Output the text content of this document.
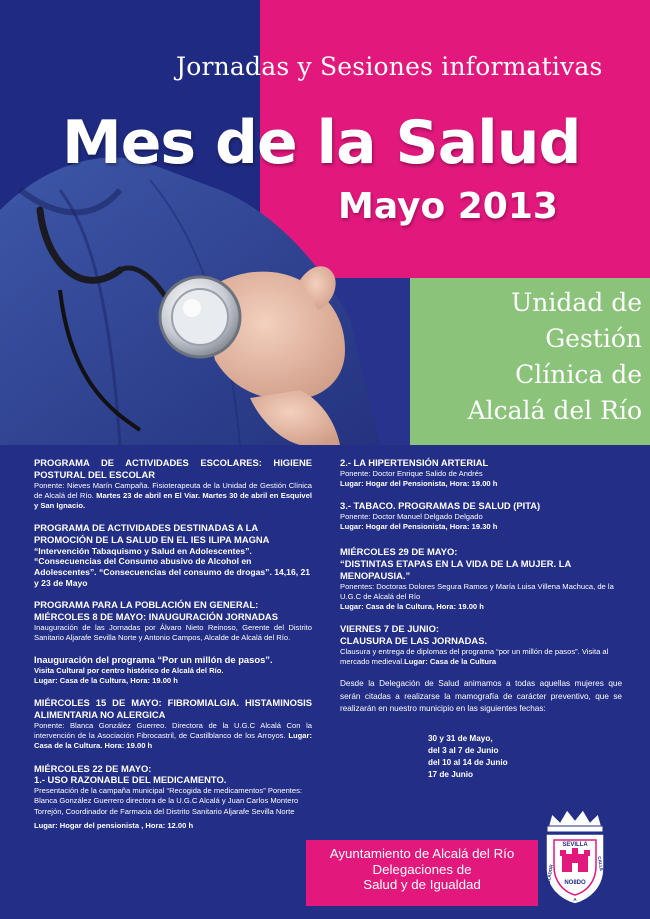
Jornadas y Sesiones informativas
Mes de la Salud
Mayo 2013
Unidad de
Gestión
Clínica de
Alcalá del Río
PROGRAMA DE ACTIVIDADES ESCOLARES: HIGIENE POSTURAL DEL ESCOLAR
Ponente: Nieves Marín Campaña. Fisioterapeuta de la Unidad de Gestión Clínica de Alcalá del Río. Martes 23 de abril en El Viar. Martes 30 de abril en Esquivel y San Ignacio.
PROGRAMA DE ACTIVIDADES DESTINADAS A LA PROMOCIÓN DE LA SALUD EN EL IES ILIPA MAGNA
“Intervención Tabaquismo y Salud en Adolescentes”. “Consecuencias del Consumo abusivo de Alcohol en Adolescentes”. “Consecuencias del consumo de drogas”. 14,16, 21 y 23 de Mayo
PROGRAMA PARA LA POBLACIÓN EN GENERAL:
MIÉRCOLES 8 DE MAYO: INAUGURACIÓN JORNADAS
Inauguración de las Jornadas por Álvaro Nieto Reinoso, Gerente del Distrito Sanitario Aljarafe Sevilla Norte y Antonio Campos, Alcalde de Alcalá del Río.
Inauguración del programa “Por un millón de pasos”.
Visita Cultural por centro histórico de Alcalá del Río.
Lugar: Casa de la Cultura, Hora: 19.00 h
MIÉRCOLES 15 DE MAYO: FIBROMIALGIA. HISTAMINOSIS ALIMENTARIA NO ALERGICA
Ponente: Blanca González Guerreo. Directora de la U.G.C Alcalá Con la intervención de la Asociación Fibrocastril, de Castilblanco de los Arroyos. Lugar: Casa de la Cultura. Hora: 19.00 h
MIÉRCOLES 22 DE MAYO:
1.- USO RAZONABLE DEL MEDICAMENTO.
Presentación de la campaña municipal “Recogida de medicamentos” Ponentes: Blanca González Guerrero directora de la U.G.C Alcalá y Juan Carlos Montero Torrejón, Coordinador de Farmacia del Distrito Sanitario Aljarafe Sevilla Norte
Lugar: Hogar del pensionista , Hora: 12.00 h
2.- LA HIPERTENSIÓN ARTERIAL
Ponente: Doctor Enrique Salido de Andrés
Lugar: Hogar del Pensionista, Hora: 19.00 h
3.- TABACO. PROGRAMAS DE SALUD (PITA)
Ponente: Doctor Manuel Delgado Delgado
Lugar: Hogar del Pensionista, Hora: 19.30 h
MIÉRCOLES 29 DE MAYO:
“DISTINTAS ETAPAS EN LA VIDA DE LA MUJER. LA MENOPAUSIA.”
Ponentes: Doctoras Dolores Segura Ramos y María Luisa Villena Machuca, de la U.G.C de Alcalá del Río
Lugar: Casa de la Cultura, Hora: 19.00 h
VIERNES 7 DE JUNIO:
CLAUSURA DE LAS JORNADAS.
Clausura y entrega de diplomas del programa “por un millón de pasos”. Visita al mercado medieval.Lugar: Casa de la Cultura
Desde la Delegación de Salud animamos a todas aquellas mujeres que serán citadas a realizarse la mamografía de carácter preventivo, que se realizarán en nuestro municipio en las siguientes fechas:
30 y 31 de Mayo,
del 3 al 7 de Junio
del 10 al 14 de Junio
17 de Junio
Ayuntamiento de Alcalá del Río
Delegaciones de
Salud y de Igualdad
SEVILLA
COLADOR
CALLE
A
NO8DO
